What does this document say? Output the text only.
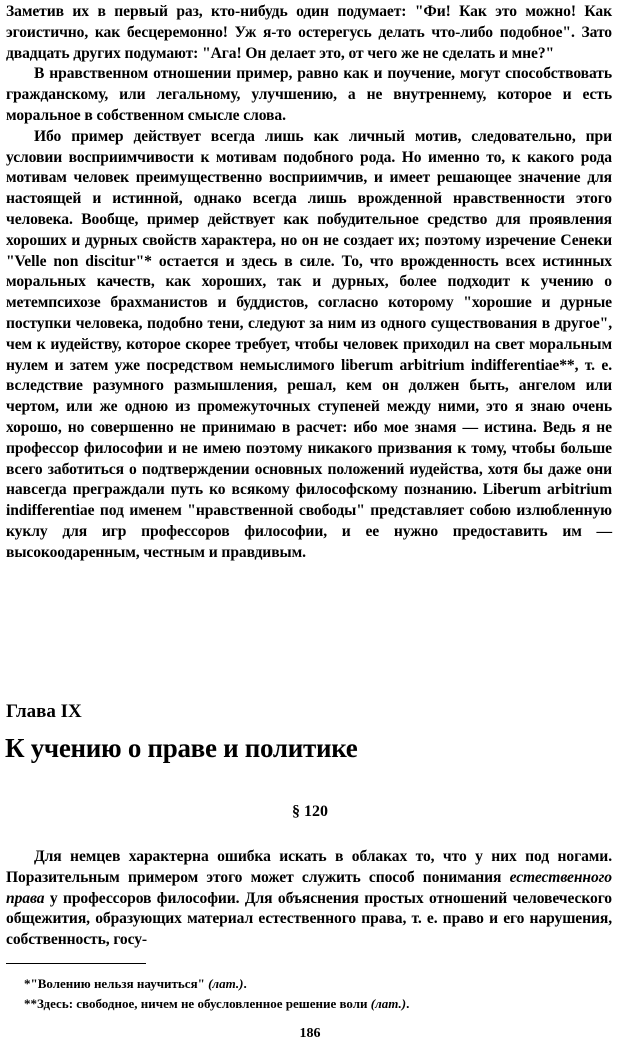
Заметив их в первый раз, кто-нибудь один подумает: "Фи! Как это можно! Как эгоистично, как бесцеремонно! Уж я-то остерегусь делать что-либо подобное". Зато двадцать других подумают: "Ага! Он делает это, от чего же не сделать и мне?"

В нравственном отношении пример, равно как и поучение, могут способствовать гражданскому, или легальному, улучшению, а не внутреннему, которое и есть моральное в собственном смысле слова.

Ибо пример действует всегда лишь как личный мотив, следовательно, при условии восприимчивости к мотивам подобного рода. Но именно то, к какого рода мотивам человек преимущественно восприимчив, и имеет решающее значение для настоящей и истинной, однако всегда лишь врожденной нравственности этого человека. Вообще, пример действует как побудительное средство для проявления хороших и дурных свойств характера, но он не создает их; поэтому изречение Сенеки "Velle non discitur"* остается и здесь в силе. То, что врожденность всех истинных моральных качеств, как хороших, так и дурных, более подходит к учению о метемпсихозе брахманистов и буддистов, согласно которому "хорошие и дурные поступки человека, подобно тени, следуют за ним из одного существования в другое", чем к иудейству, которое скорее требует, чтобы человек приходил на свет моральным нулем и затем уже посредством немыслимого liberum arbitrium indifferentiae**, т. е. вследствие разумного размышления, решал, кем он должен быть, ангелом или чертом, или же одною из промежуточных ступеней между ними, это я знаю очень хорошо, но совершенно не принимаю в расчет: ибо мое знамя — истина. Ведь я не профессор философии и не имею поэтому никакого призвания к тому, чтобы больше всего заботиться о подтверждении основных положений иудейства, хотя бы даже они навсегда преграждали путь ко всякому философскому познанию. Liberum arbitrium indifferentiae под именем "нравственной свободы" представляет собою излюбленную куклу для игр профессоров философии, и ее нужно предоставить им — высокоодаренным, честным и правдивым.

Глава IX
К учению о праве и политике
§ 120

Для немцев характерна ошибка искать в облаках то, что у них под ногами. Поразительным примером этого может служить способ понимания естественного права у профессоров философии. Для объяснения простых отношений человеческого общежития, образующих материал естественного права, т. е. право и его нарушения, собственность, госу-

*"Волению нельзя научиться" (лат.).
**Здесь: свободное, ничем не обусловленное решение воли (лат.).
186
